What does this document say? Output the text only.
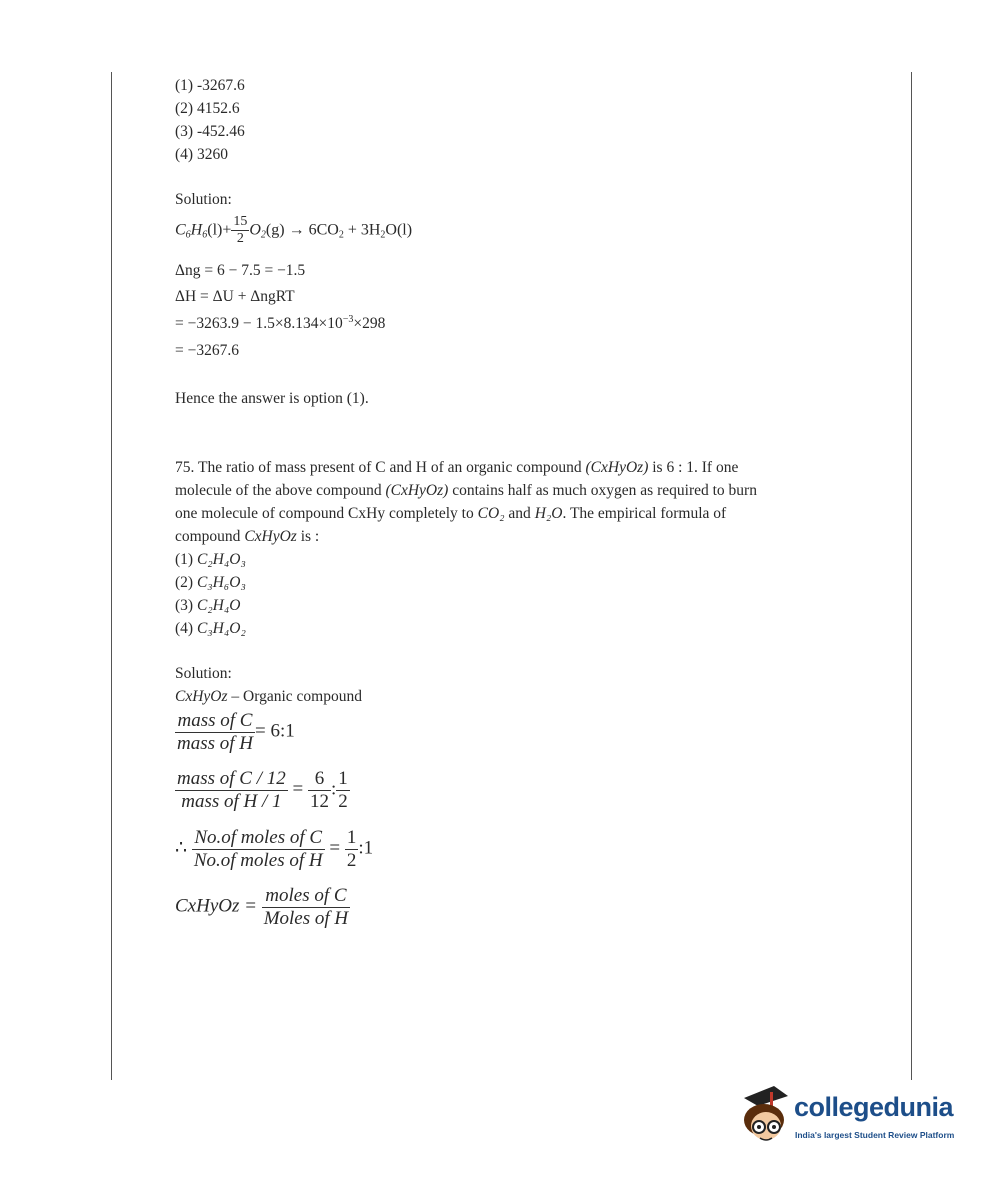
(1) -3267.6
(2) 4152.6
(3) -452.46
(4) 3260
Solution:
$C_6H_6(l)+ \frac{15}{2} O_2(g) \to 6CO_2 + 3H_2O(l)$
Δng = 6 − 7.5 = −1.5
ΔH = ΔU + ΔngRT
= $-3263.9 - 1.5\times 8.134\times 10^{-3}\times 298$
= −3267.6
Hence the answer is option (1).
75. The ratio of mass present of C and H of an organic compound (CxHyOz) is 6 : 1. If one
molecule of the above compound (CxHyOz) contains half as much oxygen as required to burn
one molecule of compound CxHy completely to CO₂ and H₂O. The empirical formula of
compound CxHyOz is :
(1) C₂H₄O₃
(2) C₃H₆O₃
(3) C₂H₄O
(4) C₃H₄O₂
Solution:
CxHyOz – Organic compound
$\frac{\text{mass of C}}{\text{mass of H}}$ = 6:1
$\frac{\text{mass of C / 12}}{\text{mass of H / 1}} = \frac{6}{12}$ : $\frac{1}{2}$
∴ $\frac{\text{No.of moles of C}}{\text{No.of moles of H}} = \frac{1}{2}$ :1
CxHyOz = $\frac{\text{moles of C}}{\text{Moles of H}}$
collegedunia
India's largest Student Review Platform
